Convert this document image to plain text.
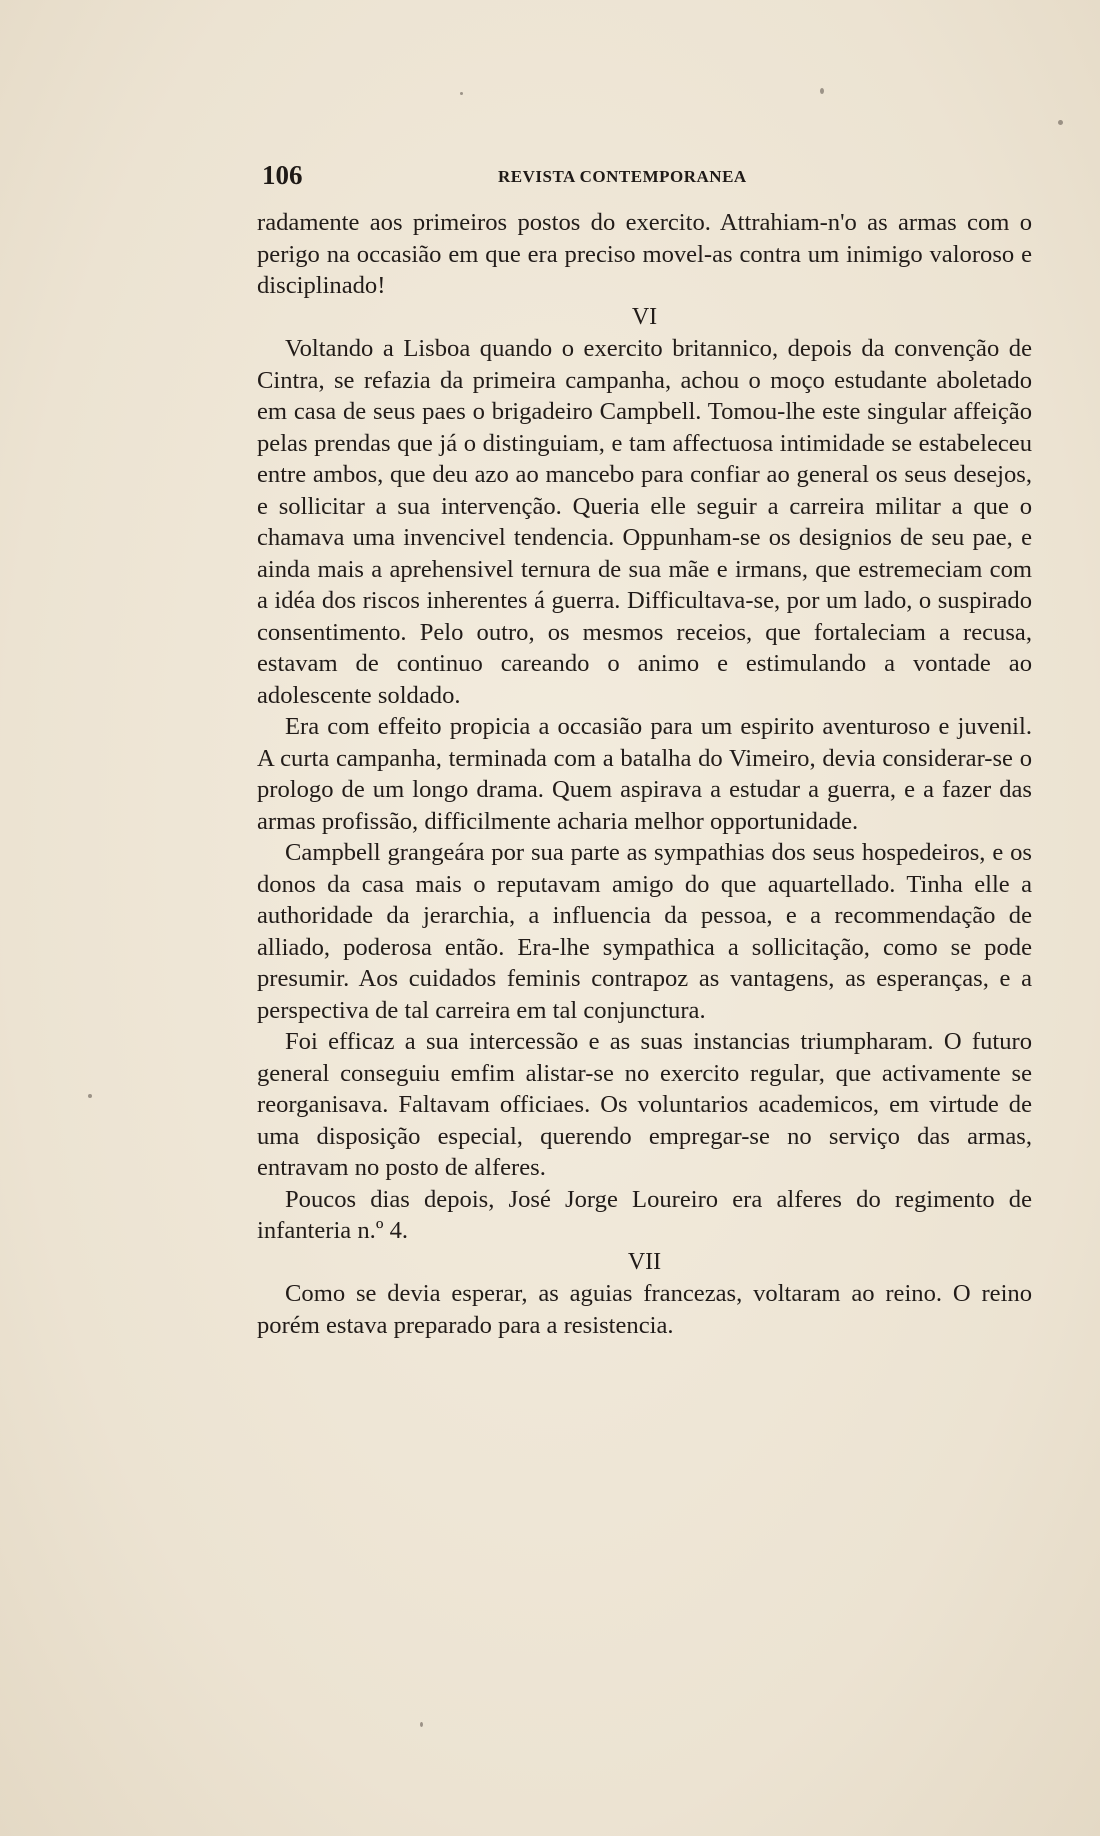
106	REVISTA CONTEMPORANEA

radamente aos primeiros postos do exercito. Attrahiam-n'o as armas com o perigo na occasião em que era preciso movel-as contra um inimigo valoroso e disciplinado!

VI

Voltando a Lisboa quando o exercito britannico, depois da convenção de Cintra, se refazia da primeira campanha, achou o moço estudante aboletado em casa de seus paes o brigadeiro Campbell. Tomou-lhe este singular affeição pelas prendas que já o distinguiam, e tam affectuosa intimidade se estabeleceu entre ambos, que deu azo ao mancebo para confiar ao general os seus desejos, e sollicitar a sua intervenção. Queria elle seguir a carreira militar a que o chamava uma invencivel tendencia. Oppunham-se os designios de seu pae, e ainda mais a aprehensivel ternura de sua mãe e irmans, que estremeciam com a idéa dos riscos inherentes á guerra. Difficultava-se, por um lado, o suspirado consentimento. Pelo outro, os mesmos receios, que fortaleciam a recusa, estavam de continuo careando o animo e estimulando a vontade ao adolescente soldado.

Era com effeito propicia a occasião para um espirito aventuroso e juvenil. A curta campanha, terminada com a batalha do Vimeiro, devia considerar-se o prologo de um longo drama. Quem aspirava a estudar a guerra, e a fazer das armas profissão, difficilmente acharia melhor opportunidade.

Campbell grangeára por sua parte as sympathias dos seus hospedeiros, e os donos da casa mais o reputavam amigo do que aquartellado. Tinha elle a authoridade da jerarchia, a influencia da pessoa, e a recommendação de alliado, poderosa então. Era-lhe sympathica a sollicitação, como se pode presumir. Aos cuidados feminis contrapoz as vantagens, as esperanças, e a perspectiva de tal carreira em tal conjunctura.

Foi efficaz a sua intercessão e as suas instancias triumpharam. O futuro general conseguiu emfim alistar-se no exercito regular, que activamente se reorganisava. Faltavam officiaes. Os voluntarios academicos, em virtude de uma disposição especial, querendo empregar-se no serviço das armas, entravam no posto de alferes.

Poucos dias depois, José Jorge Loureiro era alferes do regimento de infanteria n.º 4.

VII

Como se devia esperar, as aguias francezas, voltaram ao reino. O reino porém estava preparado para a resistencia.
